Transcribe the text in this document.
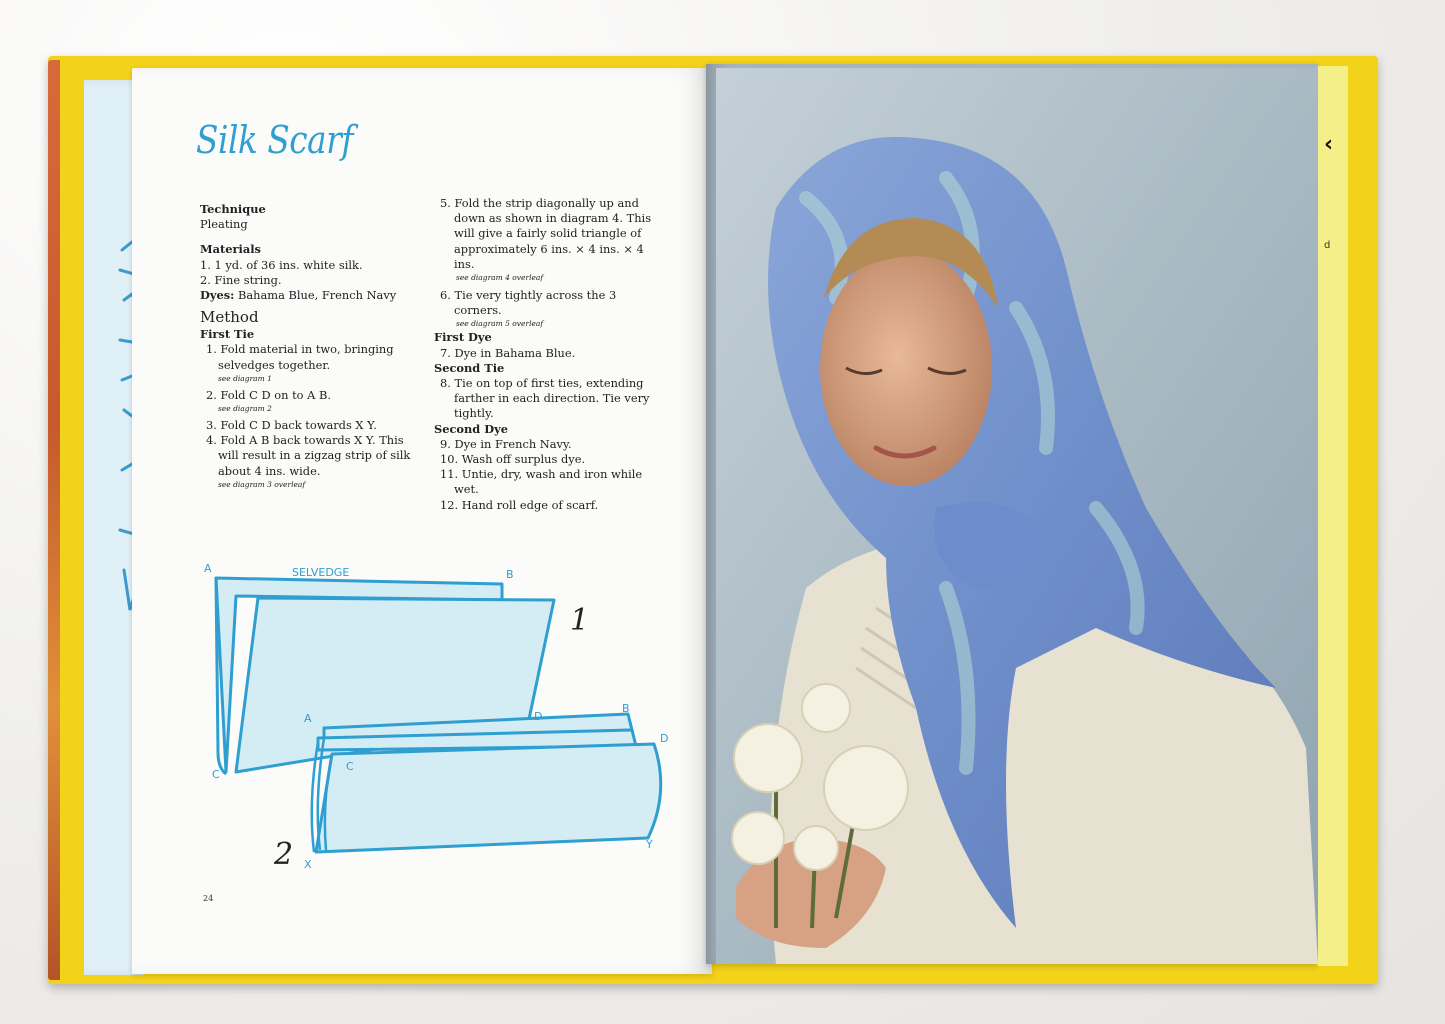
‹
d
Silk Scarf
Technique
Pleating
Materials
1. 1 yd. of 36 ins. white silk.
2. Fine string.
Dyes: Bahama Blue, French Navy
Method
First Tie
1. Fold material in two, bringing selvedges together.
see diagram 1
2. Fold C D on to A B.
see diagram 2
3. Fold C D back towards X Y.
4. Fold A B back towards X Y. This will result in a zigzag strip of silk about 4 ins. wide.
see diagram 3 overleaf
5. Fold the strip diagonally up and down as shown in diagram 4. This will give a fairly solid triangle of approximately 6 ins. × 4 ins. × 4 ins.
see diagram 4 overleaf
6. Tie very tightly across the 3 corners.
see diagram 5 overleaf
First Dye
7. Dye in Bahama Blue.
Second Tie
8. Tie on top of first ties, extending farther in each direction. Tie very tightly.
Second Dye
9. Dye in French Navy.
10. Wash off surplus dye.
11. Untie, dry, wash and iron while wet.
12. Hand roll edge of scarf.
A	SELVEDGE	B
C
1
A	D
B
D
C
X
Y
2
24
